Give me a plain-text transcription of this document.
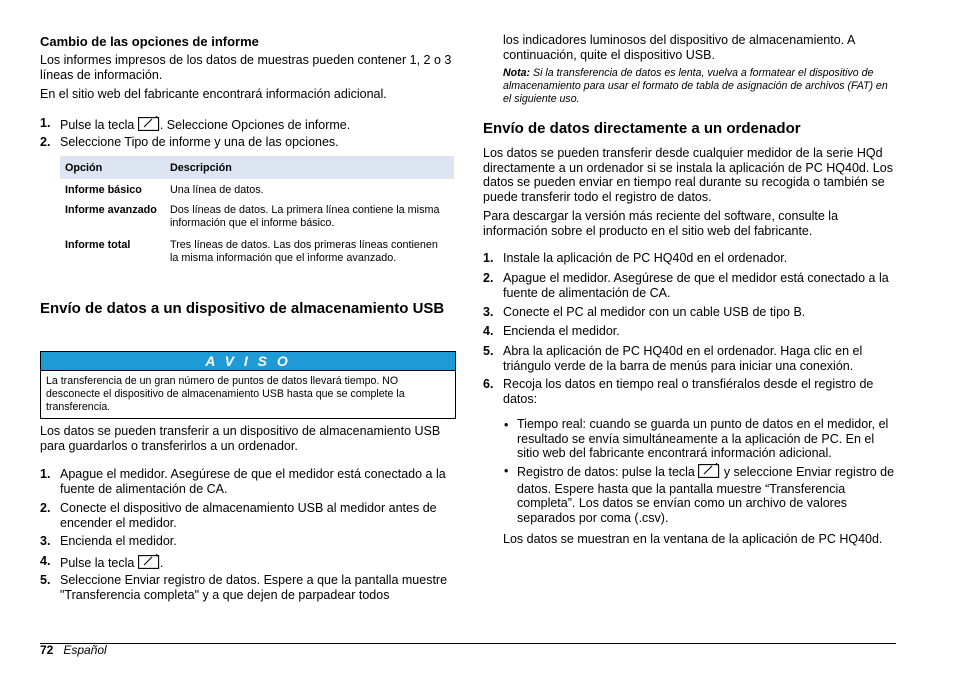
Cambio de las opciones de informe
Los informes impresos de los datos de muestras pueden contener 1, 2 o 3 líneas de información.
En el sitio web del fabricante encontrará información adicional.
1. Pulse la tecla . Seleccione Opciones de informe.
2. Seleccione Tipo de informe y una de las opciones.
Opción	Descripción
Informe básico	Una línea de datos.
Informe avanzado	Dos líneas de datos. La primera línea contiene la misma información que el informe básico.
Informe total	Tres líneas de datos. Las dos primeras líneas contienen la misma información que el informe avanzado.
Envío de datos a un dispositivo de almacenamiento USB
A V I S O
La transferencia de un gran número de puntos de datos llevará tiempo. NO desconecte el dispositivo de almacenamiento USB hasta que se complete la transferencia.
Los datos se pueden transferir a un dispositivo de almacenamiento USB para guardarlos o transferirlos a un ordenador.
1. Apague el medidor. Asegúrese de que el medidor está conectado a la fuente de alimentación de CA.
2. Conecte el dispositivo de almacenamiento USB al medidor antes de encender el medidor.
3. Encienda el medidor.
4. Pulse la tecla .
5. Seleccione Enviar registro de datos. Espere a que la pantalla muestre "Transferencia completa" y a que dejen de parpadear todos
los indicadores luminosos del dispositivo de almacenamiento. A continuación, quite el dispositivo USB.
Nota: Si la transferencia de datos es lenta, vuelva a formatear el dispositivo de almacenamiento para usar el formato de tabla de asignación de archivos (FAT) en el siguiente uso.
Envío de datos directamente a un ordenador
Los datos se pueden transferir desde cualquier medidor de la serie HQd directamente a un ordenador si se instala la aplicación de PC HQ40d. Los datos se pueden enviar en tiempo real durante su recogida o también se puede transferir todo el registro de datos.
Para descargar la versión más reciente del software, consulte la información sobre el producto en el sitio web del fabricante.
1. Instale la aplicación de PC HQ40d en el ordenador.
2. Apague el medidor. Asegúrese de que el medidor está conectado a la fuente de alimentación de CA.
3. Conecte el PC al medidor con un cable USB de tipo B.
4. Encienda el medidor.
5. Abra la aplicación de PC HQ40d en el ordenador. Haga clic en el triángulo verde de la barra de menús para iniciar una conexión.
6. Recoja los datos en tiempo real o transfiéralos desde el registro de datos:
• Tiempo real: cuando se guarda un punto de datos en el medidor, el resultado se envía simultáneamente a la aplicación de PC. En el sitio web del fabricante encontrará información adicional.
• Registro de datos: pulse la tecla  y seleccione Enviar registro de datos. Espere hasta que la pantalla muestre “Transferencia completa”. Los datos se envían como un archivo de valores separados por coma (.csv).
Los datos se muestran en la ventana de la aplicación de PC HQ40d.
72 Español
